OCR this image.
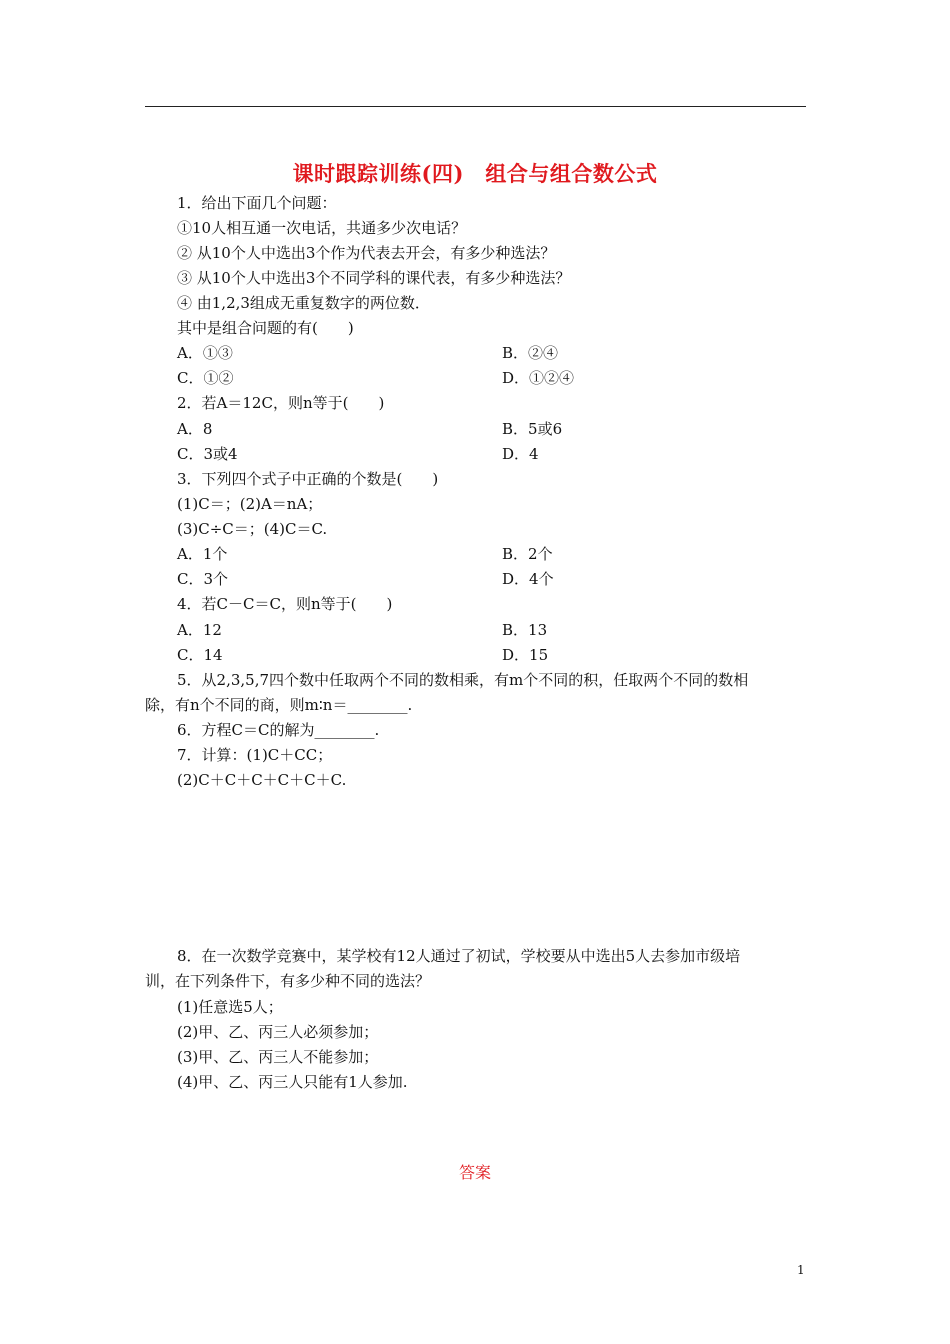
课时跟踪训练(四)　组合与组合数公式
1．给出下面几个问题：
①10人相互通一次电话，共通多少次电话？
② 从10个人中选出3个作为代表去开会，有多少种选法？
③ 从10个人中选出3个不同学科的课代表，有多少种选法？
④ 由1,2,3组成无重复数字的两位数．
其中是组合问题的有(　　)
A．①③	B．②④
C．①②	D．①②④
2．若A＝12C，则n等于(　　)
A．8	B．5或6
C．3或4	D．4
3．下列四个式子中正确的个数是(　　)
(1)C＝；(2)A＝nA；
(3)C÷C＝；(4)C＝C.
A．1个	B．2个
C．3个	D．4个
4．若C－C＝C，则n等于(　　)
A．12	B．13
C．14	D．15
5．从2,3,5,7四个数中任取两个不同的数相乘，有m个不同的积，任取两个不同的数相
除，有n个不同的商，则m∶n＝________.
6．方程C＝C的解为________.
7．计算：(1)C＋CC；
(2)C＋C＋C＋C＋C＋C.
8．在一次数学竞赛中，某学校有12人通过了初试，学校要从中选出5人去参加市级培
训，在下列条件下，有多少种不同的选法？
(1)任意选5人；
(2)甲、乙、丙三人必须参加；
(3)甲、乙、丙三人不能参加；
(4)甲、乙、丙三人只能有1人参加.
答案
1
